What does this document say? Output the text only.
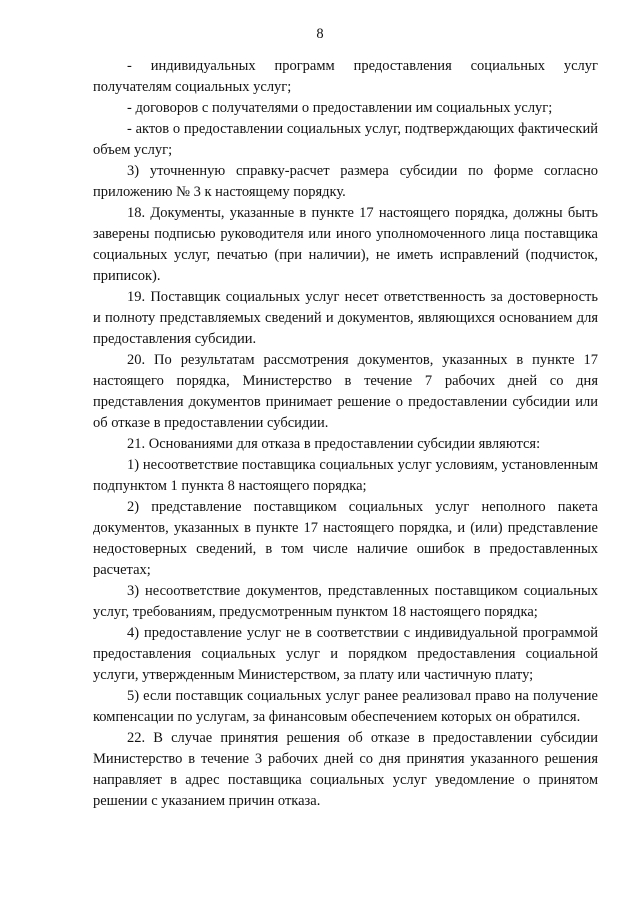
8

- индивидуальных программ предоставления социальных услуг получателям социальных услуг;

- договоров с получателями о предоставлении им социальных услуг;

- актов о предоставлении социальных услуг, подтверждающих фактический объем услуг;

3) уточненную справку-расчет размера субсидии по форме согласно приложению № 3 к настоящему порядку.

18. Документы, указанные в пункте 17 настоящего порядка, должны быть заверены подписью руководителя или иного уполномоченного лица поставщика социальных услуг, печатью (при наличии), не иметь исправлений (подчисток, приписок).

19. Поставщик социальных услуг несет ответственность за достоверность и полноту представляемых сведений и документов, являющихся основанием для предоставления субсидии.

20. По результатам рассмотрения документов, указанных в пункте 17 настоящего порядка, Министерство в течение 7 рабочих дней со дня представления документов принимает решение о предоставлении субсидии или об отказе в предоставлении субсидии.

21. Основаниями для отказа в предоставлении субсидии являются:

1) несоответствие поставщика социальных услуг условиям, установленным подпунктом 1 пункта 8 настоящего порядка;

2) представление поставщиком социальных услуг неполного пакета документов, указанных в пункте 17 настоящего порядка, и (или) представление недостоверных сведений, в том числе наличие ошибок в предоставленных расчетах;

3) несоответствие документов, представленных поставщиком социальных услуг, требованиям, предусмотренным пунктом 18 настоящего порядка;

4) предоставление услуг не в соответствии с индивидуальной программой предоставления социальных услуг и порядком предоставления социальной услуги, утвержденным Министерством, за плату или частичную плату;

5) если поставщик социальных услуг ранее реализовал право на получение компенсации по услугам, за финансовым обеспечением которых он обратился.

22. В случае принятия решения об отказе в предоставлении субсидии Министерство в течение 3 рабочих дней со дня принятия указанного решения направляет в адрес поставщика социальных услуг уведомление о принятом решении с указанием причин отказа.
